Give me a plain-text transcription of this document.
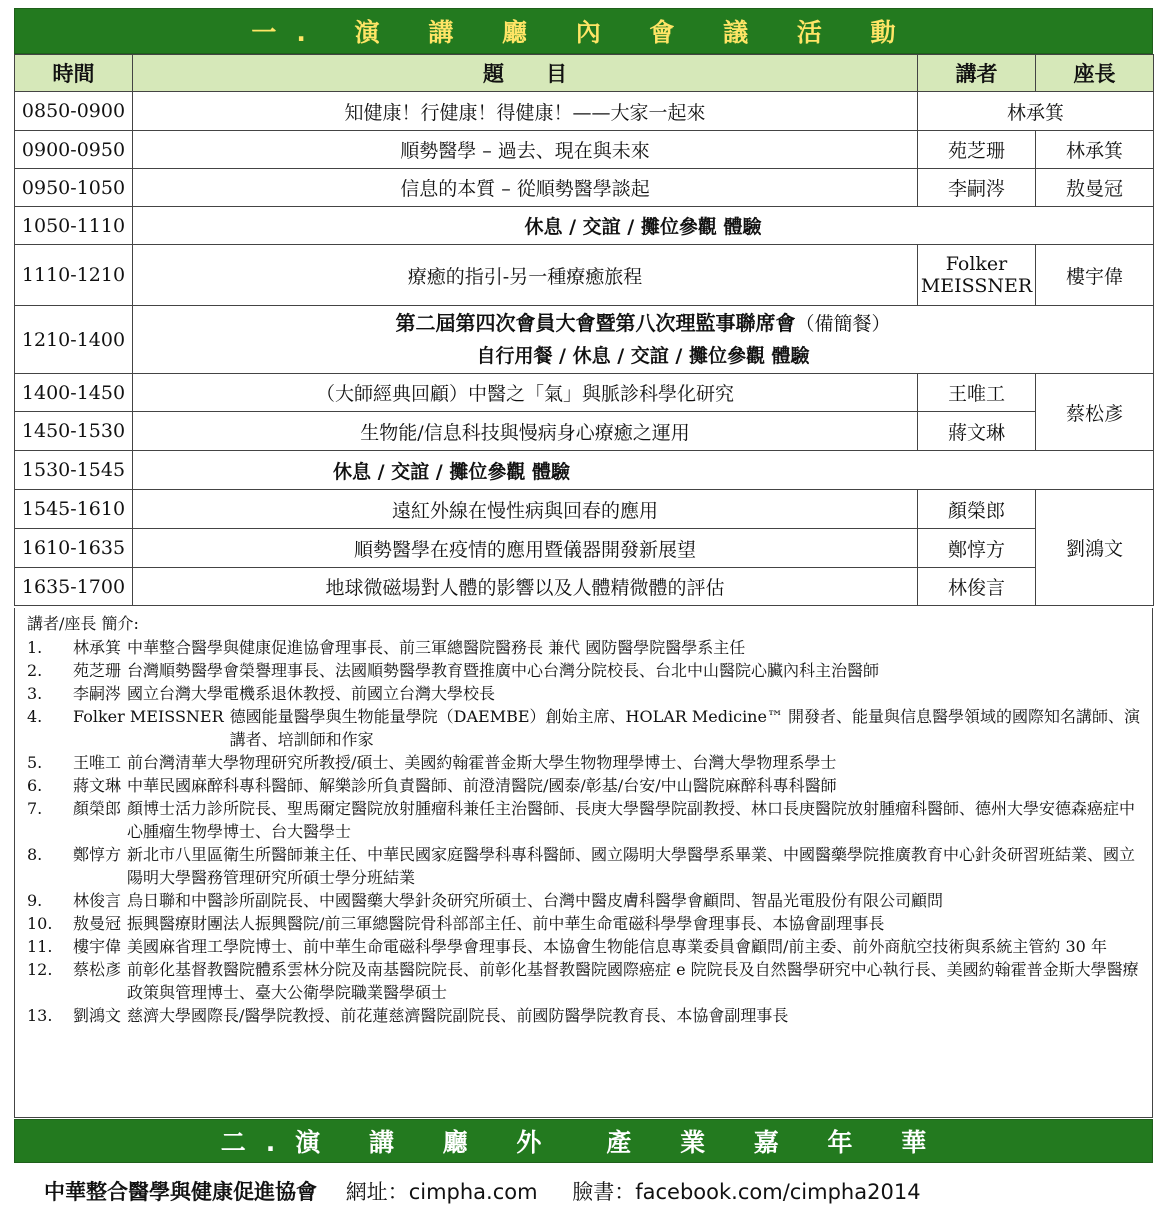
一. 演 講 廳 內 會 議 活 動
時間	題　　目	講者	座長
0850-0900	知健康！行健康！得健康！——大家一起來	林承箕	
0900-0950	順勢醫學 – 過去、現在與未來	苑芝珊	林承箕
0950-1050	信息的本質 – 從順勢醫學談起	李嗣涔	敖曼冠
1050-1110	休息 / 交誼 / 攤位參觀 體驗		
1110-1210	療癒的指引-另一種療癒旅程	Folker MEISSNER	樓宇偉
1210-1400	第二屆第四次會員大會暨第八次理監事聯席會（備簡餐）
自行用餐 / 休息 / 交誼 / 攤位參觀 體驗		

1400-1450	（大師經典回顧）中醫之「氣」與脈診科學化研究	王唯工	蔡松彥
1450-1530	生物能/信息科技與慢病身心療癒之運用	蔣文琳	
1530-1545	休息 / 交誼 / 攤位參觀 體驗		
1545-1610	遠紅外線在慢性病與回春的應用	顏榮郎	劉鴻文
1610-1635	順勢醫學在疫情的應用暨儀器開發新展望	鄭惇方	
1635-1700	地球微磁場對人體的影響以及人體精微體的評估	林俊言	
講者/座長 簡介:
1.	林承箕 中華整合醫學與健康促進協會理事長、前三軍總醫院醫務長 兼代 國防醫學院醫學系主任
2.	苑芝珊 台灣順勢醫學會榮譽理事長、法國順勢醫學教育暨推廣中心台灣分院校長、台北中山醫院心臟內科主治醫師
3.	李嗣涔 國立台灣大學電機系退休教授、前國立台灣大學校長
4.	Folker MEISSNER 德國能量醫學與生物能量學院（DAEMBE）創始主席、HOLAR Medicine™ 開發者、能量與信息醫學領域的國際知名講師、演講者、培訓師和作家
5.	王唯工 前台灣清華大學物理研究所教授/碩士、美國約翰霍普金斯大學生物物理學博士、台灣大學物理系學士
6.	蔣文琳 中華民國麻醉科專科醫師、解樂診所負責醫師、前澄清醫院/國泰/彰基/台安/中山醫院麻醉科專科醫師
7.	顏榮郎 顏博士活力診所院長、聖馬爾定醫院放射腫瘤科兼任主治醫師、長庚大學醫學院副教授、林口長庚醫院放射腫瘤科醫師、德州大學安德森癌症中心腫瘤生物學博士、台大醫學士
8.	鄭惇方 新北市八里區衛生所醫師兼主任、中華民國家庭醫學科專科醫師、國立陽明大學醫學系畢業、中國醫藥學院推廣教育中心針灸研習班結業、國立陽明大學醫務管理研究所碩士學分班結業
9.	林俊言 烏日聯和中醫診所副院長、中國醫藥大學針灸研究所碩士、台灣中醫皮膚科醫學會顧問、智晶光電股份有限公司顧問
10.	敖曼冠 振興醫療財團法人振興醫院/前三軍總醫院骨科部部主任、前中華生命電磁科學學會理事長、本協會副理事長
11.	樓宇偉 美國麻省理工學院博士、前中華生命電磁科學學會理事長、本協會生物能信息專業委員會顧問/前主委、前外商航空技術與系統主管約 30 年
12.	蔡松彥 前彰化基督教醫院體系雲林分院及南基醫院院長、前彰化基督教醫院國際癌症 e 院院長及自然醫學研究中心執行長、美國約翰霍普金斯大學醫療政策與管理博士、臺大公衛學院職業醫學碩士
13.	劉鴻文 慈濟大學國際長/醫學院教授、前花蓮慈濟醫院副院長、前國防醫學院教育長、本協會副理事長
二.演 講 廳 外　產 業 嘉 年 華
中華整合醫學與健康促進協會 網址：cimpha.com 臉書：facebook.com/cimpha2014
